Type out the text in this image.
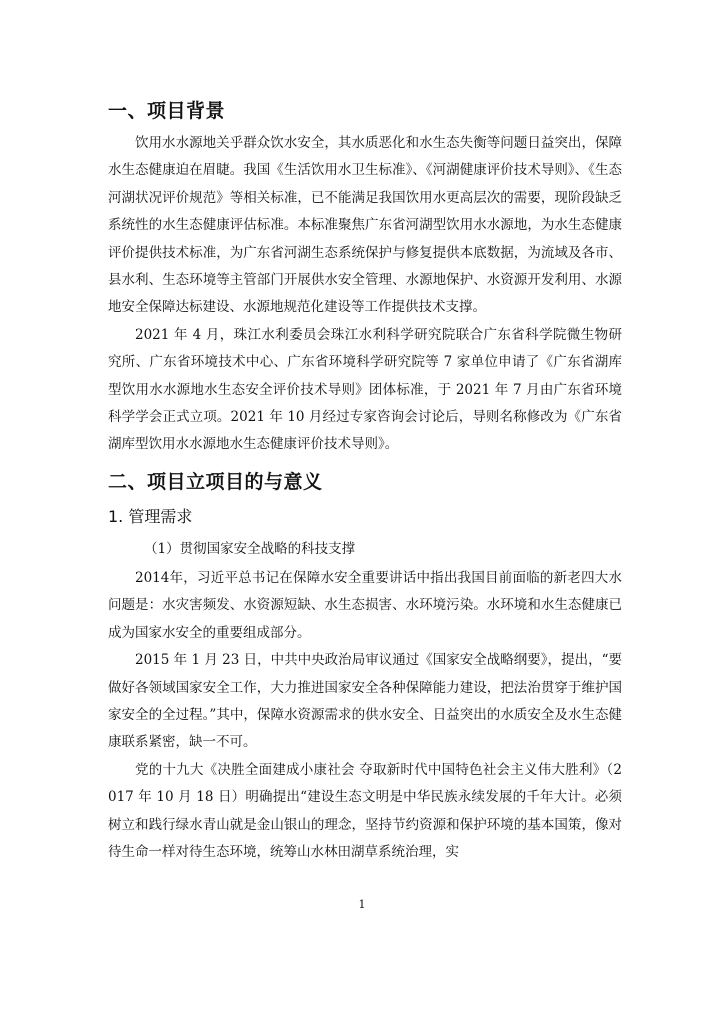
一、项目背景

饮用水水源地关乎群众饮水安全，其水质恶化和水生态失衡等问题日益突出，保障水生态健康迫在眉睫。我国《生活饮用水卫生标准》、《河湖健康评价技术导则》、《生态河湖状况评价规范》等相关标准，已不能满足我国饮用水更高层次的需要，现阶段缺乏系统性的水生态健康评估标准。本标准聚焦广东省河湖型饮用水水源地，为水生态健康评价提供技术标准，为广东省河湖生态系统保护与修复提供本底数据，为流域及各市、县水利、生态环境等主管部门开展供水安全管理、水源地保护、水资源开发利用、水源地安全保障达标建设、水源地规范化建设等工作提供技术支撑。

2021 年 4 月，珠江水利委员会珠江水利科学研究院联合广东省科学院微生物研究所、广东省环境技术中心、广东省环境科学研究院等 7 家单位申请了《广东省湖库型饮用水水源地水生态安全评价技术导则》团体标准，于 2021 年 7 月由广东省环境科学学会正式立项。2021 年 10 月经过专家咨询会讨论后，导则名称修改为《广东省湖库型饮用水水源地水生态健康评价技术导则》。

二、项目立项目的与意义
1. 管理需求
（1）贯彻国家安全战略的科技支撑

2014年，习近平总书记在保障水安全重要讲话中指出我国目前面临的新老四大水问题是：水灾害频发、水资源短缺、水生态损害、水环境污染。水环境和水生态健康已成为国家水安全的重要组成部分。

2015 年 1 月 23 日，中共中央政治局审议通过《国家安全战略纲要》，提出，“要做好各领域国家安全工作，大力推进国家安全各种保障能力建设，把法治贯穿于维护国家安全的全过程。”其中，保障水资源需求的供水安全、日益突出的水质安全及水生态健康联系紧密，缺一不可。

党的十九大《决胜全面建成小康社会 夺取新时代中国特色社会主义伟大胜利》（2017 年 10 月 18 日）明确提出“建设生态文明是中华民族永续发展的千年大计。必须树立和践行绿水青山就是金山银山的理念，坚持节约资源和保护环境的基本国策，像对待生命一样对待生态环境，统筹山水林田湖草系统治理，实

1
